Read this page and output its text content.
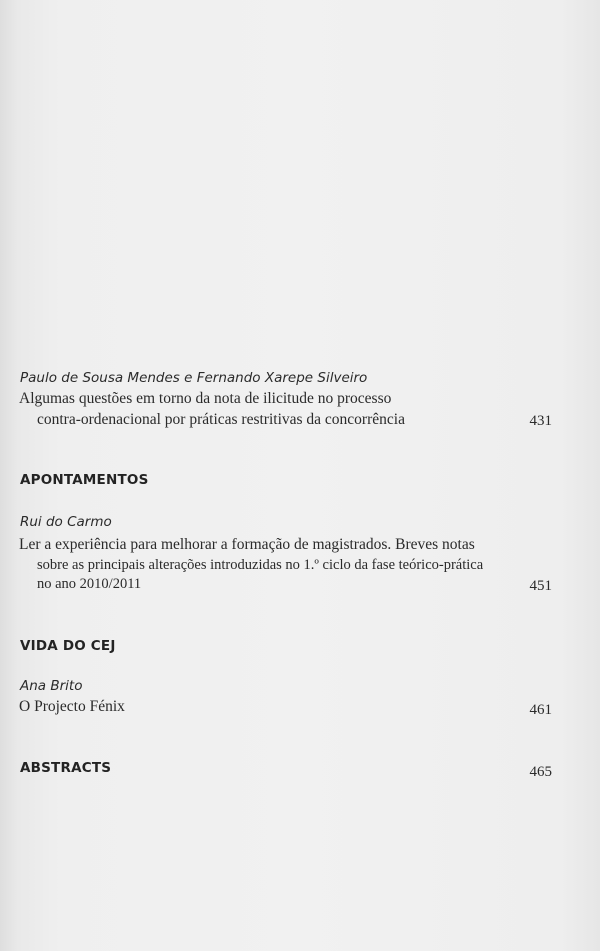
Paulo de Sousa Mendes e Fernando Xarepe Silveiro
Algumas questões em torno da nota de ilicitude no processo
contra-ordenacional por práticas restritivas da concorrência	431
APONTAMENTOS
Rui do Carmo
Ler a experiência para melhorar a formação de magistrados. Breves notas
sobre as principais alterações introduzidas no 1.º ciclo da fase teórico-prática
no ano 2010/2011	451
VIDA DO CEJ
Ana Brito
O Projecto Fénix	461
ABSTRACTS	465
